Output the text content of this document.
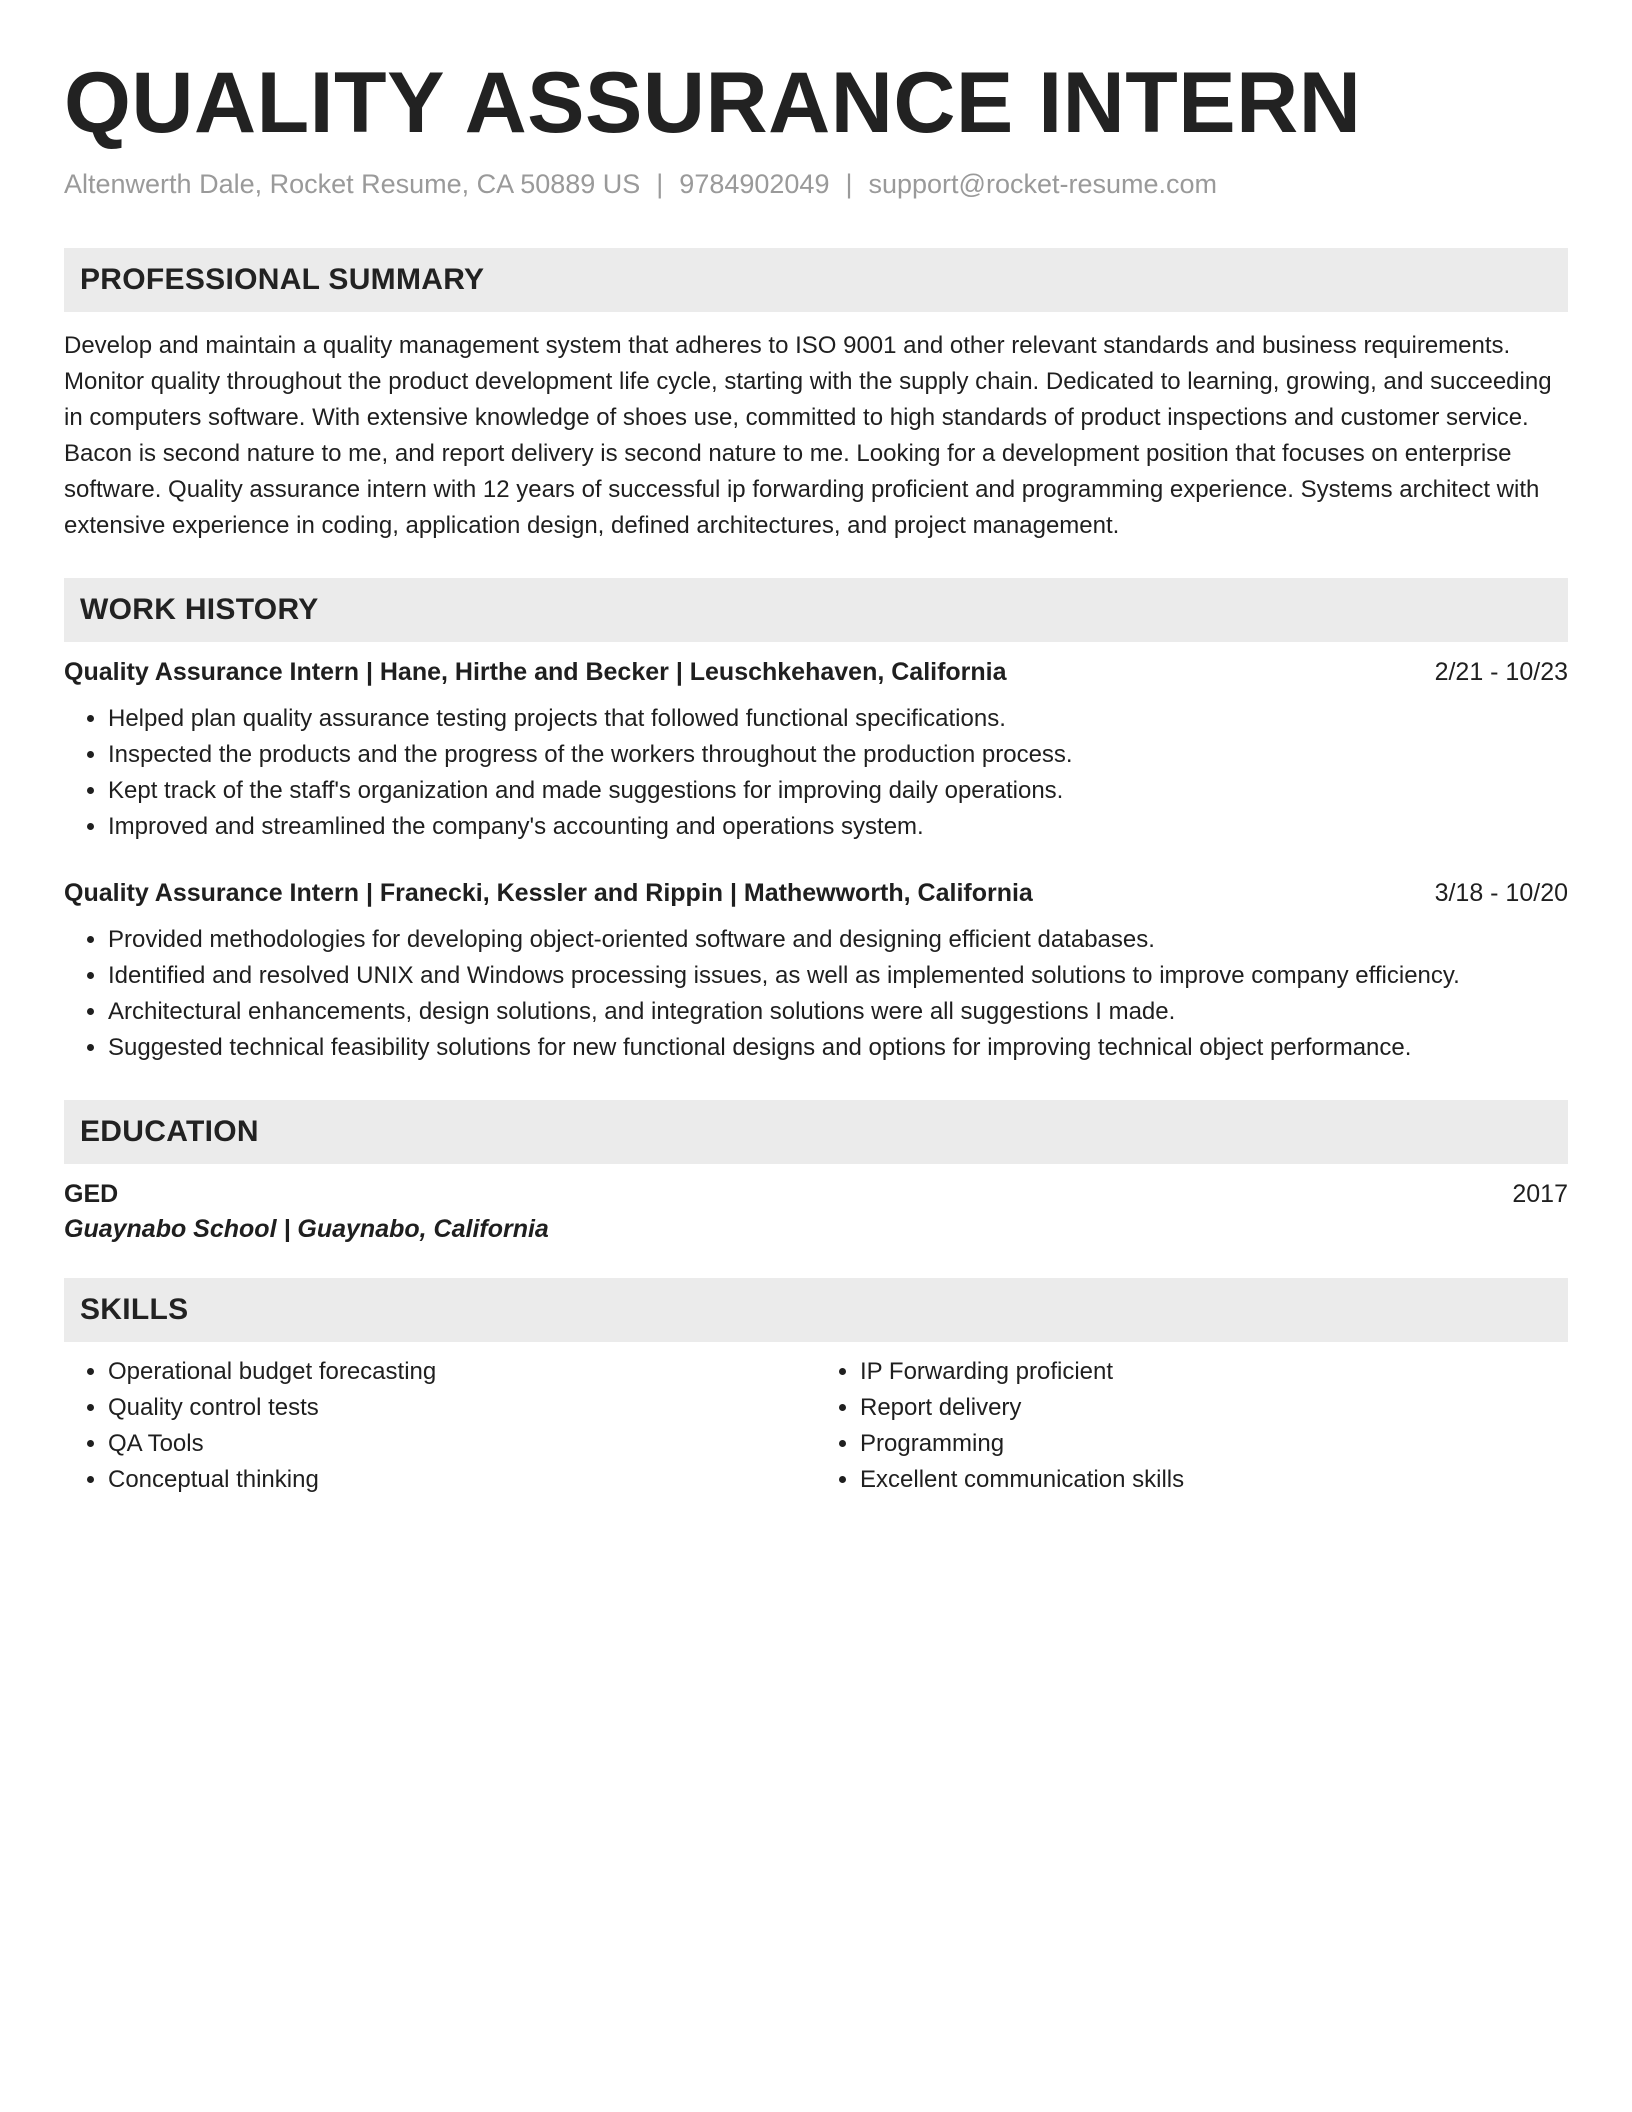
QUALITY ASSURANCE INTERN
Altenwerth Dale, Rocket Resume, CA 50889 US | 9784902049 | support@rocket-resume.com
PROFESSIONAL SUMMARY
Develop and maintain a quality management system that adheres to ISO 9001 and other relevant standards and business requirements. Monitor quality throughout the product development life cycle, starting with the supply chain. Dedicated to learning, growing, and succeeding in computers software. With extensive knowledge of shoes use, committed to high standards of product inspections and customer service. Bacon is second nature to me, and report delivery is second nature to me. Looking for a development position that focuses on enterprise software. Quality assurance intern with 12 years of successful ip forwarding proficient and programming experience. Systems architect with extensive experience in coding, application design, defined architectures, and project management.
WORK HISTORY
Quality Assurance Intern | Hane, Hirthe and Becker | Leuschkehaven, California	2/21 - 10/23
• Helped plan quality assurance testing projects that followed functional specifications.
• Inspected the products and the progress of the workers throughout the production process.
• Kept track of the staff's organization and made suggestions for improving daily operations.
• Improved and streamlined the company's accounting and operations system.
Quality Assurance Intern | Franecki, Kessler and Rippin | Mathewworth, California	3/18 - 10/20
• Provided methodologies for developing object-oriented software and designing efficient databases.
• Identified and resolved UNIX and Windows processing issues, as well as implemented solutions to improve company efficiency.
• Architectural enhancements, design solutions, and integration solutions were all suggestions I made.
• Suggested technical feasibility solutions for new functional designs and options for improving technical object performance.
EDUCATION
GED	2017
Guaynabo School | Guaynabo, California
SKILLS
• Operational budget forecasting
• Quality control tests
• QA Tools
• Conceptual thinking
• IP Forwarding proficient
• Report delivery
• Programming
• Excellent communication skills
